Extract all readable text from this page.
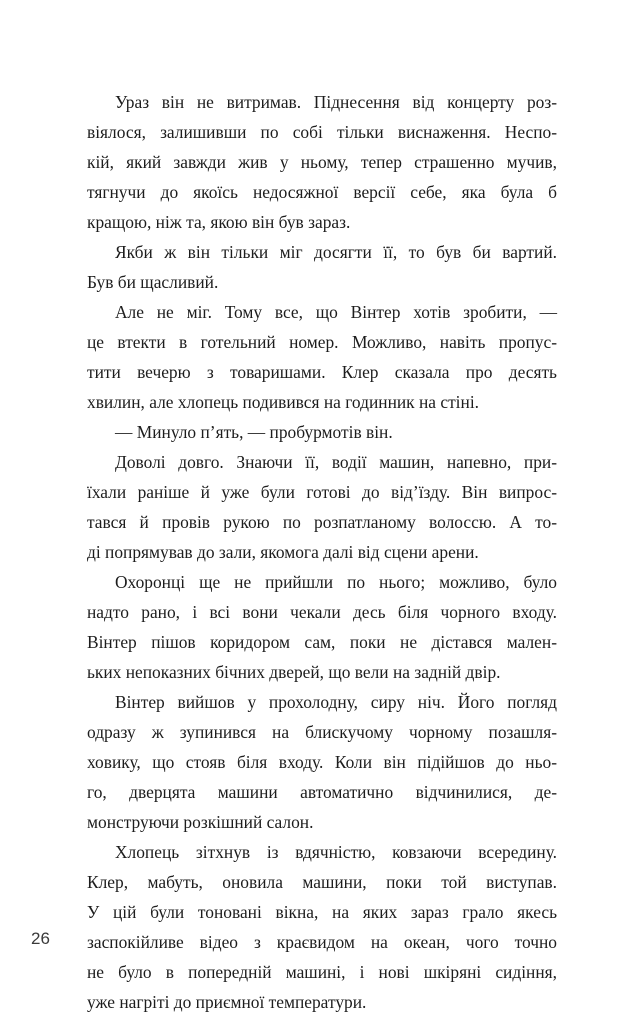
Ураз він не витримав. Піднесення від концерту роз-
віялося, залишивши по собі тільки виснаження. Неспо-
кій, який завжди жив у ньому, тепер страшенно мучив,
тягнучи до якоїсь недосяжної версії себе, яка була б
кращою, ніж та, якою він був зараз.

Якби ж він тільки міг досягти її, то був би вартий.
Був би щасливий.

Але не міг. Тому все, що Вінтер хотів зробити, —
це втекти в готельний номер. Можливо, навіть пропус-
тити вечерю з товаришами. Клер сказала про десять
хвилин, але хлопець подивився на годинник на стіні.

— Минуло п’ять, — пробурмотів він.

Доволі довго. Знаючи її, водії машин, напевно, при-
їхали раніше й уже були готові до від’їзду. Він випрос-
тався й провів рукою по розпатланому волоссю. А то-
ді попрямував до зали, якомога далі від сцени арени.

Охоронці ще не прийшли по нього; можливо, було
надто рано, і всі вони чекали десь біля чорного входу.
Вінтер пішов коридором сам, поки не дістався мален-
ьких непоказних бічних дверей, що вели на задній двір.

Вінтер вийшов у прохолодну, сиру ніч. Його погляд
одразу ж зупинився на блискучому чорному позашля-
ховику, що стояв біля входу. Коли він підійшов до ньо-
го, дверцята машини автоматично відчинилися, де-
монструючи розкішний салон.

Хлопець зітхнув із вдячністю, ковзаючи всередину.
Клер, мабуть, оновила машини, поки той виступав.
У цій були тоновані вікна, на яких зараз грало якесь
заспокійливе відео з краєвидом на океан, чого точно
не було в попередній машині, і нові шкіряні сидіння,
уже нагріті до приємної температури.

26
